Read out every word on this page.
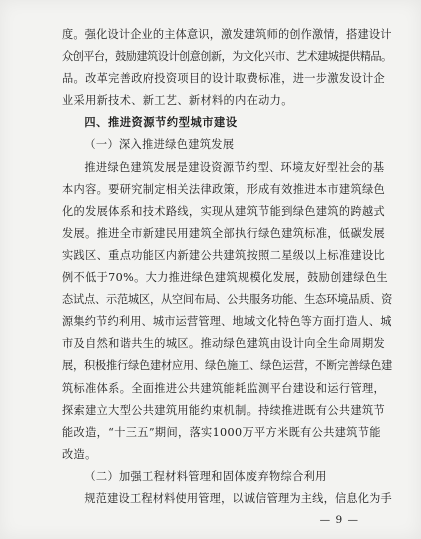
度。强化设计企业的主体意识，激发建筑师的创作激情，搭建设计
众创平台，鼓励建筑设计创意创新，为文化兴市、艺术建城提供精品。
品。改革完善政府投资项目的设计取费标准，进一步激发设计企
业采用新技术、新工艺、新材料的内在动力。
四、推进资源节约型城市建设
（一）深入推进绿色建筑发展
推进绿色建筑发展是建设资源节约型、环境友好型社会的基
本内容。要研究制定相关法律政策，形成有效推进本市建筑绿色
化的发展体系和技术路线，实现从建筑节能到绿色建筑的跨越式
发展。推进全市新建民用建筑全部执行绿色建筑标准，低碳发展
实践区、重点功能区内新建公共建筑按照二星级以上标准建设比
例不低于70%。大力推进绿色建筑规模化发展，鼓励创建绿色生
态试点、示范城区，从空间布局、公共服务功能、生态环境品质、资
源集约节约利用、城市运营管理、地域文化特色等方面打造人、城
市及自然和谐共生的城区。推动绿色建筑由设计向全生命周期发
展，积极推行绿色建材应用、绿色施工、绿色运营，不断完善绿色建
筑标准体系。全面推进公共建筑能耗监测平台建设和运行管理，
探索建立大型公共建筑用能约束机制。持续推进既有公共建筑节
能改造，“十三五”期间，落实1000万平方米既有公共建筑节能
改造。
（二）加强工程材料管理和固体废弃物综合利用
规范建设工程材料使用管理，以诚信管理为主线，信息化为手
— 9 —
